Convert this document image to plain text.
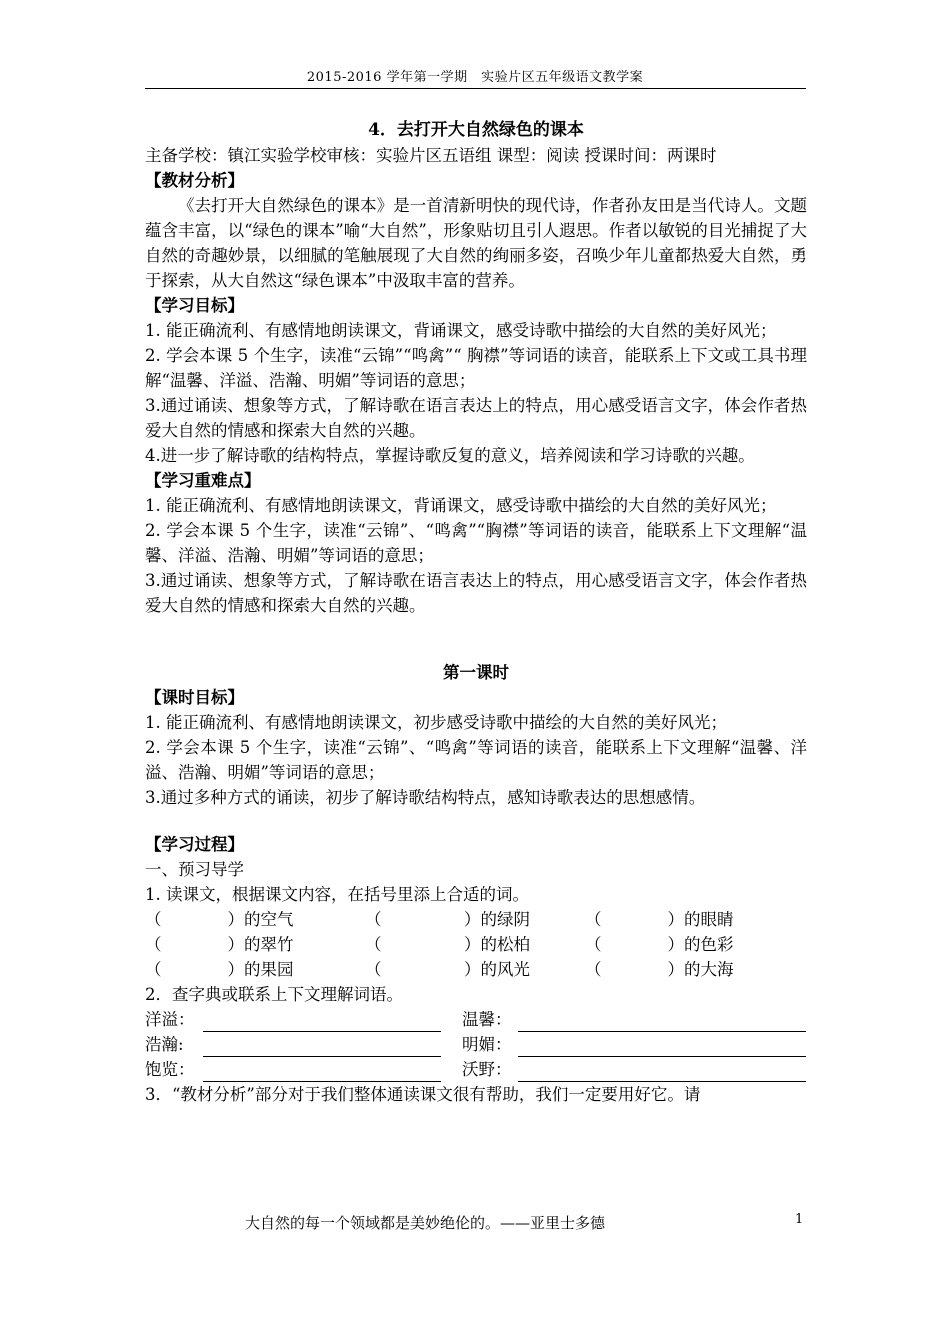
2015-2016 学年第一学期　实验片区五年级语文教学案

4．去打开大自然绿色的课本

主备学校：镇江实验学校审核：实验片区五语组 课型：阅读 授课时间：两课时

【教材分析】

《去打开大自然绿色的课本》是一首清新明快的现代诗，作者孙友田是当代诗人。文题蕴含丰富，以“绿色的课本”喻“大自然”，形象贴切且引人遐思。作者以敏锐的目光捕捉了大自然的奇趣妙景，以细腻的笔触展现了大自然的绚丽多姿，召唤少年儿童都热爱大自然，勇于探索，从大自然这“绿色课本”中汲取丰富的营养。

【学习目标】

1. 能正确流利、有感情地朗读课文，背诵课文，感受诗歌中描绘的大自然的美好风光；

2. 学会本课 5 个生字，读准“云锦”“鸣禽”“ 胸襟”等词语的读音，能联系上下文或工具书理解“温馨、洋溢、浩瀚、明媚”等词语的意思；

3.通过诵读、想象等方式，了解诗歌在语言表达上的特点，用心感受语言文字，体会作者热爱大自然的情感和探索大自然的兴趣。

4.进一步了解诗歌的结构特点，掌握诗歌反复的意义，培养阅读和学习诗歌的兴趣。

【学习重难点】

1. 能正确流利、有感情地朗读课文，背诵课文，感受诗歌中描绘的大自然的美好风光；

2. 学会本课 5 个生字，读准“云锦”、“鸣禽”“胸襟”等词语的读音，能联系上下文理解“温馨、洋溢、浩瀚、明媚”等词语的意思；

3.通过诵读、想象等方式，了解诗歌在语言表达上的特点，用心感受语言文字，体会作者热爱大自然的情感和探索大自然的兴趣。

第一课时

【课时目标】

1. 能正确流利、有感情地朗读课文，初步感受诗歌中描绘的大自然的美好风光；

2. 学会本课 5 个生字，读准“云锦”、“鸣禽”等词语的读音，能联系上下文理解“温馨、洋溢、浩瀚、明媚”等词语的意思；

3.通过多种方式的诵读，初步了解诗歌结构特点，感知诗歌表达的思想感情。

【学习过程】

一、预习导学

1. 读课文，根据课文内容，在括号里添上合适的词。

（　　　　）的空气	（　　　　　）的绿阴	（　　　　）的眼睛
（　　　　）的翠竹	（　　　　　）的松柏	（　　　　）的色彩
（　　　　）的果园	（　　　　　）的风光	（　　　　）的大海

2．查字典或联系上下文理解词语。

洋溢：	温馨：
浩瀚:	明媚：
饱览：	沃野：

3．“教材分析”部分对于我们整体通读课文很有帮助，我们一定要用好它。请

大自然的每一个领域都是美妙绝伦的。——亚里士多德	1
